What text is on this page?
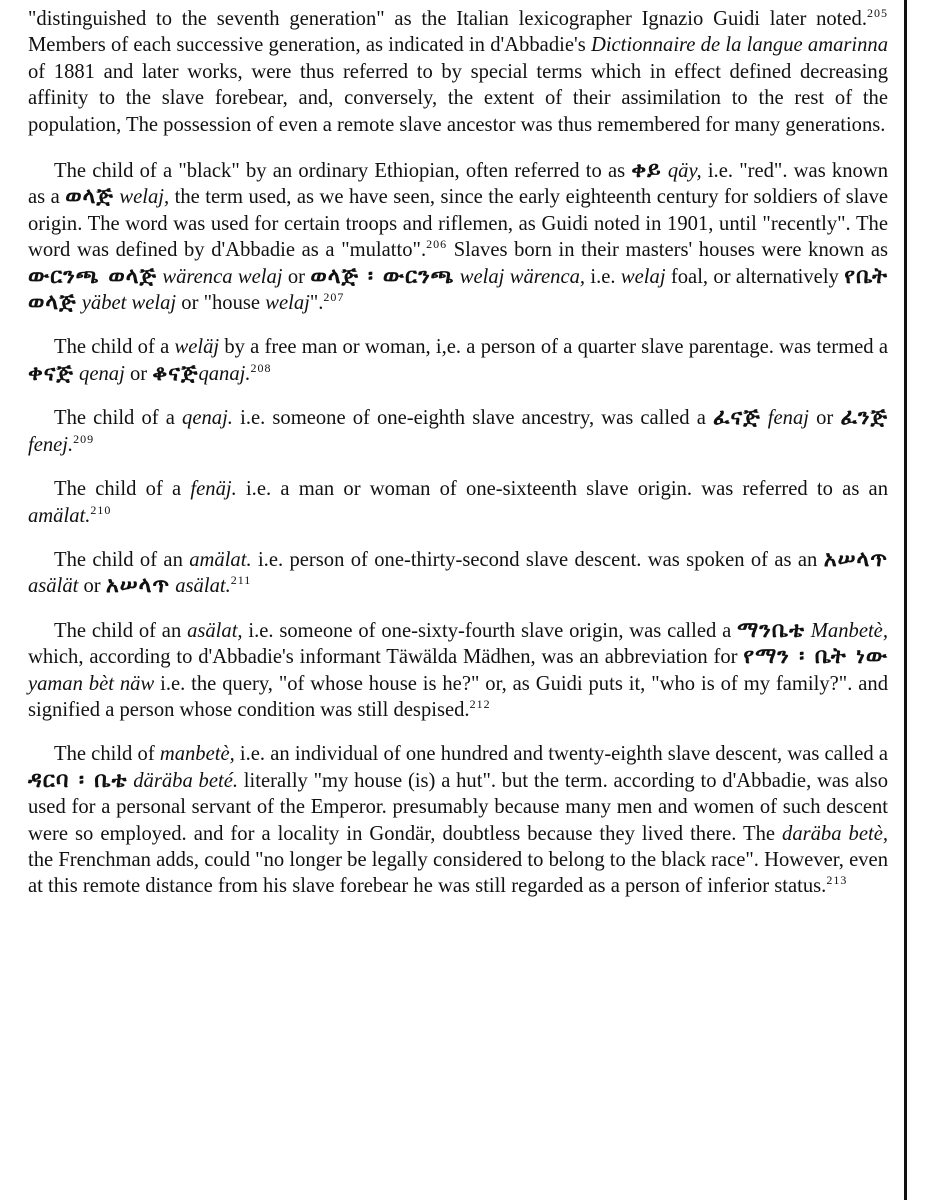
"distinguished to the seventh generation" as the Italian lexicographer Ignazio Guidi later noted.$^{205}$ Members of each successive generation, as indicated in d'Abbadie's Dictionnaire de la langue amarinna of 1881 and later works, were thus referred to by special terms which in effect defined decreasing affinity to the slave forebear, and, conversely, the extent of their assimilation to the rest of the population, The possession of even a remote slave ancestor was thus remembered for many generations.

The child of a "black" by an ordinary Ethiopian, often referred to as ቀይ qäy, i.e. "red". was known as a ወላጅ welaj, the term used, as we have seen, since the early eighteenth century for soldiers of slave origin. The word was used for certain troops and riflemen, as Guidi noted in 1901, until "recently". The word was defined by d'Abbadie as a "mulatto".$^{206}$ Slaves born in their masters' houses were known as ውርንጫ ወላጅ wärenca welaj or ወላጅ ፡ ውርንጫ welaj wärenca, i.e. welaj foal, or alternatively የቤት ወላጅ yäbet welaj or "house welaj".$^{207}$

The child of a weläj by a free man or woman, i,e. a person of a quarter slave parentage. was termed a ቀናጅ qenaj or ቆናጅqanaj.$^{208}$

The child of a qenaj. i.e. someone of one-eighth slave ancestry, was called a ፈናጅ fenaj or ፈንጅ fenej.$^{209}$

The child of a fenäj. i.e. a man or woman of one-sixteenth slave origin. was referred to as an amälat.$^{210}$

The child of an amälat. i.e. person of one-thirty-second slave descent. was spoken of as an አሠላጥ asälät or አሠላጥ asälat.$^{211}$

The child of an asälat, i.e. someone of one-sixty-fourth slave origin, was called a ማንቤቴ Manbetè, which, according to d'Abbadie's informant Täwälda Mädhen, was an abbreviation for የማን ፡ ቤት ነው yaman bèt näw i.e. the query, "of whose house is he?" or, as Guidi puts it, "who is of my family?". and signified a person whose condition was still despised.$^{212}$

The child of manbetè, i.e. an individual of one hundred and twenty-eighth slave descent, was called a ዳርባ ፡ ቤቴ däräba beté. literally "my house (is) a hut". but the term. according to d'Abbadie, was also used for a personal servant of the Emperor. presumably because many men and women of such descent were so employed. and for a locality in Gondär, doubtless because they lived there. The daräba betè, the Frenchman adds, could "no longer be legally considered to belong to the black race". However, even at this remote distance from his slave forebear he was still regarded as a person of inferior status.$^{213}$
